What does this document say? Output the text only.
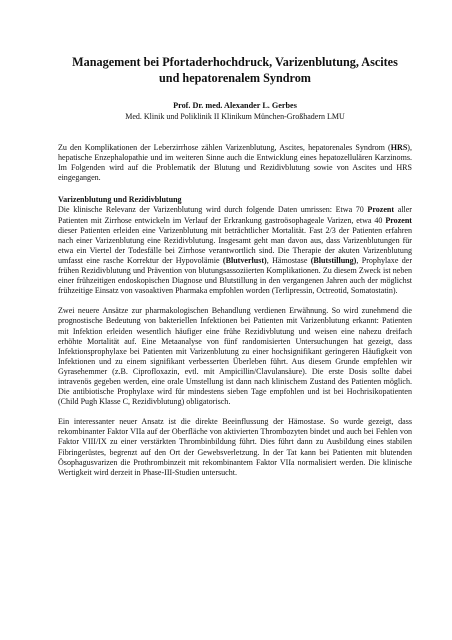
Management bei Pfortaderhochdruck, Varizenblutung, Ascites
und hepatorenalem Syndrom
Prof. Dr. med. Alexander L. Gerbes
Med. Klinik und Poliklinik II Klinikum München-Großhadern LMU

Zu den Komplikationen der Leberzirrhose zählen Varizenblutung, Ascites, hepatorenales Syndrom (HRS), hepatische Enzephalopathie und im weiteren Sinne auch die Entwicklung eines hepatozellulären Karzinoms. Im Folgenden wird auf die Problematik der Blutung und Rezidivblutung sowie von Ascites und HRS eingegangen.

Varizenblutung und Rezidivblutung

Die klinische Relevanz der Varizenblutung wird durch folgende Daten umrissen: Etwa 70 Prozent aller Patienten mit Zirrhose entwickeln im Verlauf der Erkrankung gastroösophageale Varizen, etwa 40 Prozent dieser Patienten erleiden eine Varizenblutung mit beträchtlicher Mortalität. Fast 2/3 der Patienten erfahren nach einer Varizenblutung eine Rezidivblutung. Insgesamt geht man davon aus, dass Varizenblutungen für etwa ein Viertel der Todesfälle bei Zirrhose verantwortlich sind. Die Therapie der akuten Varizenblutung umfasst eine rasche Korrektur der Hypovolämie (Blutverlust), Hämostase (Blutstillung), Prophylaxe der frühen Rezidivblutung und Prävention von blutungsassoziierten Komplikationen. Zu diesem Zweck ist neben einer frühzeitigen endoskopischen Diagnose und Blutstillung in den vergangenen Jahren auch der möglichst frühzeitige Einsatz von vasoaktiven Pharmaka empfohlen worden (Terlipressin, Octreotid, Somatostatin).

Zwei neuere Ansätze zur pharmakologischen Behandlung verdienen Erwähnung. So wird zunehmend die prognostische Bedeutung von bakteriellen Infektionen bei Patienten mit Varizenblutung erkannt: Patienten mit Infektion erleiden wesentlich häufiger eine frühe Rezidivblutung und weisen eine nahezu dreifach erhöhte Mortalität auf. Eine Metaanalyse von fünf randomisierten Untersuchungen hat gezeigt, dass Infektionsprophylaxe bei Patienten mit Varizenblutung zu einer hochsignifikant geringeren Häufigkeit von Infektionen und zu einem signifikant verbesserten Überleben führt. Aus diesem Grunde empfehlen wir Gyrasehemmer (z.B. Ciprofloxazin, evtl. mit Ampicillin/Clavulansäure). Die erste Dosis sollte dabei intravenös gegeben werden, eine orale Umstellung ist dann nach klinischem Zustand des Patienten möglich. Die antibiotische Prophylaxe wird für mindestens sieben Tage empfohlen und ist bei Hochrisikopatienten (Child Pugh Klasse C, Rezidivblutung) obligatorisch.

Ein interessanter neuer Ansatz ist die direkte Beeinflussung der Hämostase. So wurde gezeigt, dass rekombinanter Faktor VIIa auf der Oberfläche von aktivierten Thrombozyten bindet und auch bei Fehlen von Faktor VIII/IX zu einer verstärkten Thrombinbildung führt. Dies führt dann zu Ausbildung eines stabilen Fibringerüstes, begrenzt auf den Ort der Gewebsverletzung. In der Tat kann bei Patienten mit blutenden Ösophagusvarizen die Prothrombinzeit mit rekombinantem Faktor VIIa normalisiert werden. Die klinische Wertigkeit wird derzeit in Phase-III-Studien untersucht.
